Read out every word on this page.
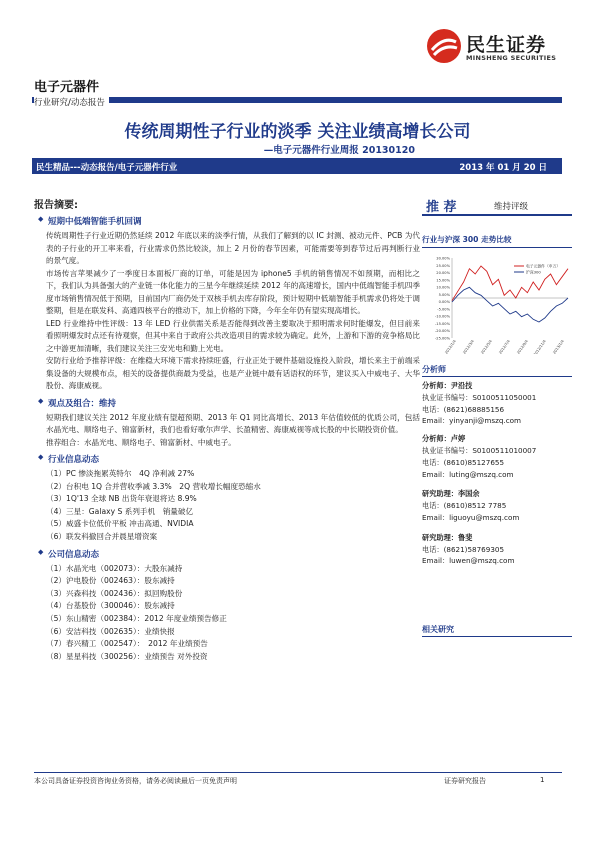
民生证券
MINSHENG SECURITIES
电子元器件
行业研究/动态报告
传统周期性子行业的淡季 关注业绩高增长公司
—电子元器件行业周报 20130120
民生精品---动态报告/电子元器件行业	2013 年 01 月 20 日
报告摘要:
◆ 短期中低端智能手机回调

传统周期性子行业近期仍然延续 2012 年底以来的淡季行情，从我们了解到的以 IC 封测、被动元件、PCB 为代表的子行业的开工率来看，行业需求仍然比较淡，加上 2 月份的春节因素，可能需要等到春节过后再判断行业的景气度。

市场传言苹果减少了一季度日本面板厂商的订单，可能是因为 iphone5 手机的销售情况不如预期，而相比之下，我们认为具备强大的产业链一体化能力的三星今年继续延续 2012 年的高速增长，国内中低端智能手机四季度市场销售情况低于预期，目前国内厂商仍处于双核手机去库存阶段，预计短期中低端智能手机需求仍将处于调整期，但是在联发科、高通四核平台的推动下，加上价格的下降，今年全年仍有望实现高增长。

LED 行业维持中性评级：13 年 LED 行业供需关系是否能得到改善主要取决于照明需求何时能爆发，但目前来看照明爆发时点还有待观察，但其中来自于政府公共改造项目的需求较为确定。此外，上游和下游的竞争格局比之中游更加清晰，我们建议关注三安光电和勤上光电。

安防行业给予推荐评级：在维稳大环境下需求持续旺盛，行业正处于硬件基础设施投入阶段，增长来主于前端采集设备的大规模布点，相关的设备提供商最为受益，也是产业链中最有话语权的环节，建议买入中威电子、大华股份、海康威视。

◆ 观点及组合：维持

短期我们建议关注 2012 年度业绩有望超预期、2013 年 Q1 同比高增长、2013 年估值较低的优质公司，包括水晶光电、顺络电子、锦富新材，我们也看好歌尔声学、长盈精密、海康威视等成长股的中长期投资价值。

推荐组合：水晶光电、顺络电子、锦富新材、中威电子。

◆ 行业信息动态
（1）PC 惨淡拖累英特尔　4Q 净利减 27%
（2）台积电 1Q 合并营收季减 3.3%　2Q 营收增长幅度恐缩水
（3）1Q'13 全球 NB 出货年衰退将达 8.9%
（4）三星：Galaxy S 系列手机　销量破亿
（5）威盛卡位低价平板 冲击高通、NVIDIA
（6）联发科撤回合并晨星增资案
◆ 公司信息动态
（1）水晶光电（002073）：大股东减持
（2）沪电股份（002463）：股东减持
（3）兴森科技（002436）：拟回购股份
（4）台基股份（300046）：股东减持
（5）东山精密（002384）：2012 年度业绩预告修正
（6）安洁科技（002635）：业绩快报
（7）春兴精工（002547）：　2012 年业绩预告
（8）星星科技（300256）：业绩预告 对外投资
推 荐	维持评级
行业与沪深 300 走势比较
30.00%
25.00%
20.00%
15.00%
10.00%
5.00%
0.00%
-5.00%
-10.00%
-15.00%
-20.00%
-25.00%
2012/1/4 2012/3/4 2012/5/4 2012/7/4 2012/9/4 2012/11/4 2013/1/4
电子元器件（申万）
沪深300
分析师
分析师：尹沿技
执业证书编号：S0100511050001
电话：(8621)68885156
Email：yinyanji@mszq.com
分析师：卢婷
执业证书编号：S0100511010007
电话：(8610)85127655
Email：luting@mszq.com
研究助理：李国余
电话：(8610)8512 7785
Email：liguoyu@mszq.com
研究助理：鲁斐
电话：(8621)58769305
Email：luwen@mszq.com
相关研究
本公司具备证券投资咨询业务资格，请务必阅读最后一页免责声明	证券研究报告	1
